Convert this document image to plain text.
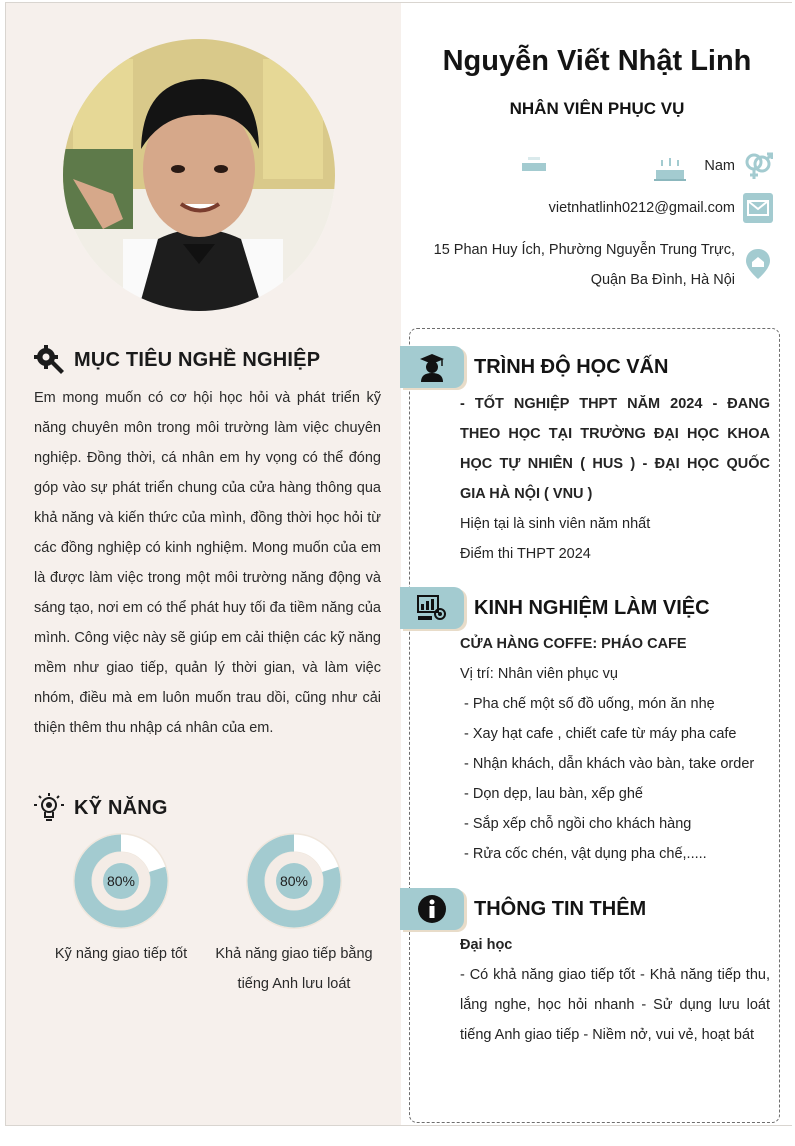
MỤC TIÊU NGHỀ NGHIỆP
Em mong muốn có cơ hội học hỏi và phát triển kỹ năng chuyên môn trong môi trường làm việc chuyên nghiệp. Đồng thời, cá nhân em hy vọng có thể đóng góp vào sự phát triển chung của cửa hàng thông qua khả năng và kiến thức của mình, đồng thời học hỏi từ các đồng nghiệp có kinh nghiệm. Mong muốn của em là được làm việc trong một môi trường năng động và sáng tạo, nơi em có thể phát huy tối đa tiềm năng của mình. Công việc này sẽ giúp em cải thiện các kỹ năng mềm như giao tiếp, quản lý thời gian, và làm việc nhóm, điều mà em luôn muốn trau dồi, cũng như cải thiện thêm thu nhập cá nhân của em.
KỸ NĂNG
80%
Kỹ năng giao tiếp tốt
80%
Khả năng giao tiếp bằng tiếng Anh lưu loát
Nguyễn Viết Nhật Linh
NHÂN VIÊN PHỤC VỤ
Nam
vietnhatlinh0212@gmail.com
15 Phan Huy Ích, Phường Nguyễn Trung Trực,
Quận Ba Đình, Hà Nội
TRÌNH ĐỘ HỌC VẤN
- TỐT NGHIỆP THPT NĂM 2024 - ĐANG THEO HỌC TẠI TRƯỜNG ĐẠI HỌC KHOA HỌC TỰ NHIÊN ( HUS ) - ĐẠI HỌC QUỐC GIA HÀ NỘI ( VNU )
Hiện tại là sinh viên năm nhất
Điểm thi THPT 2024
KINH NGHIỆM LÀM VIỆC
CỬA HÀNG COFFE: PHÁO CAFE
Vị trí: Nhân viên phục vụ
- Pha chế một số đồ uống, món ăn nhẹ
- Xay hạt cafe , chiết cafe từ máy pha cafe
- Nhận khách, dẫn khách vào bàn, take order
- Dọn dẹp, lau bàn, xếp ghế
- Sắp xếp chỗ ngồi cho khách hàng
- Rửa cốc chén, vật dụng pha chế,.....
THÔNG TIN THÊM
Đại học
- Có khả năng giao tiếp tốt - Khả năng tiếp thu, lắng nghe, học hỏi nhanh - Sử dụng lưu loát tiếng Anh giao tiếp - Niềm nở, vui vẻ, hoạt bát
